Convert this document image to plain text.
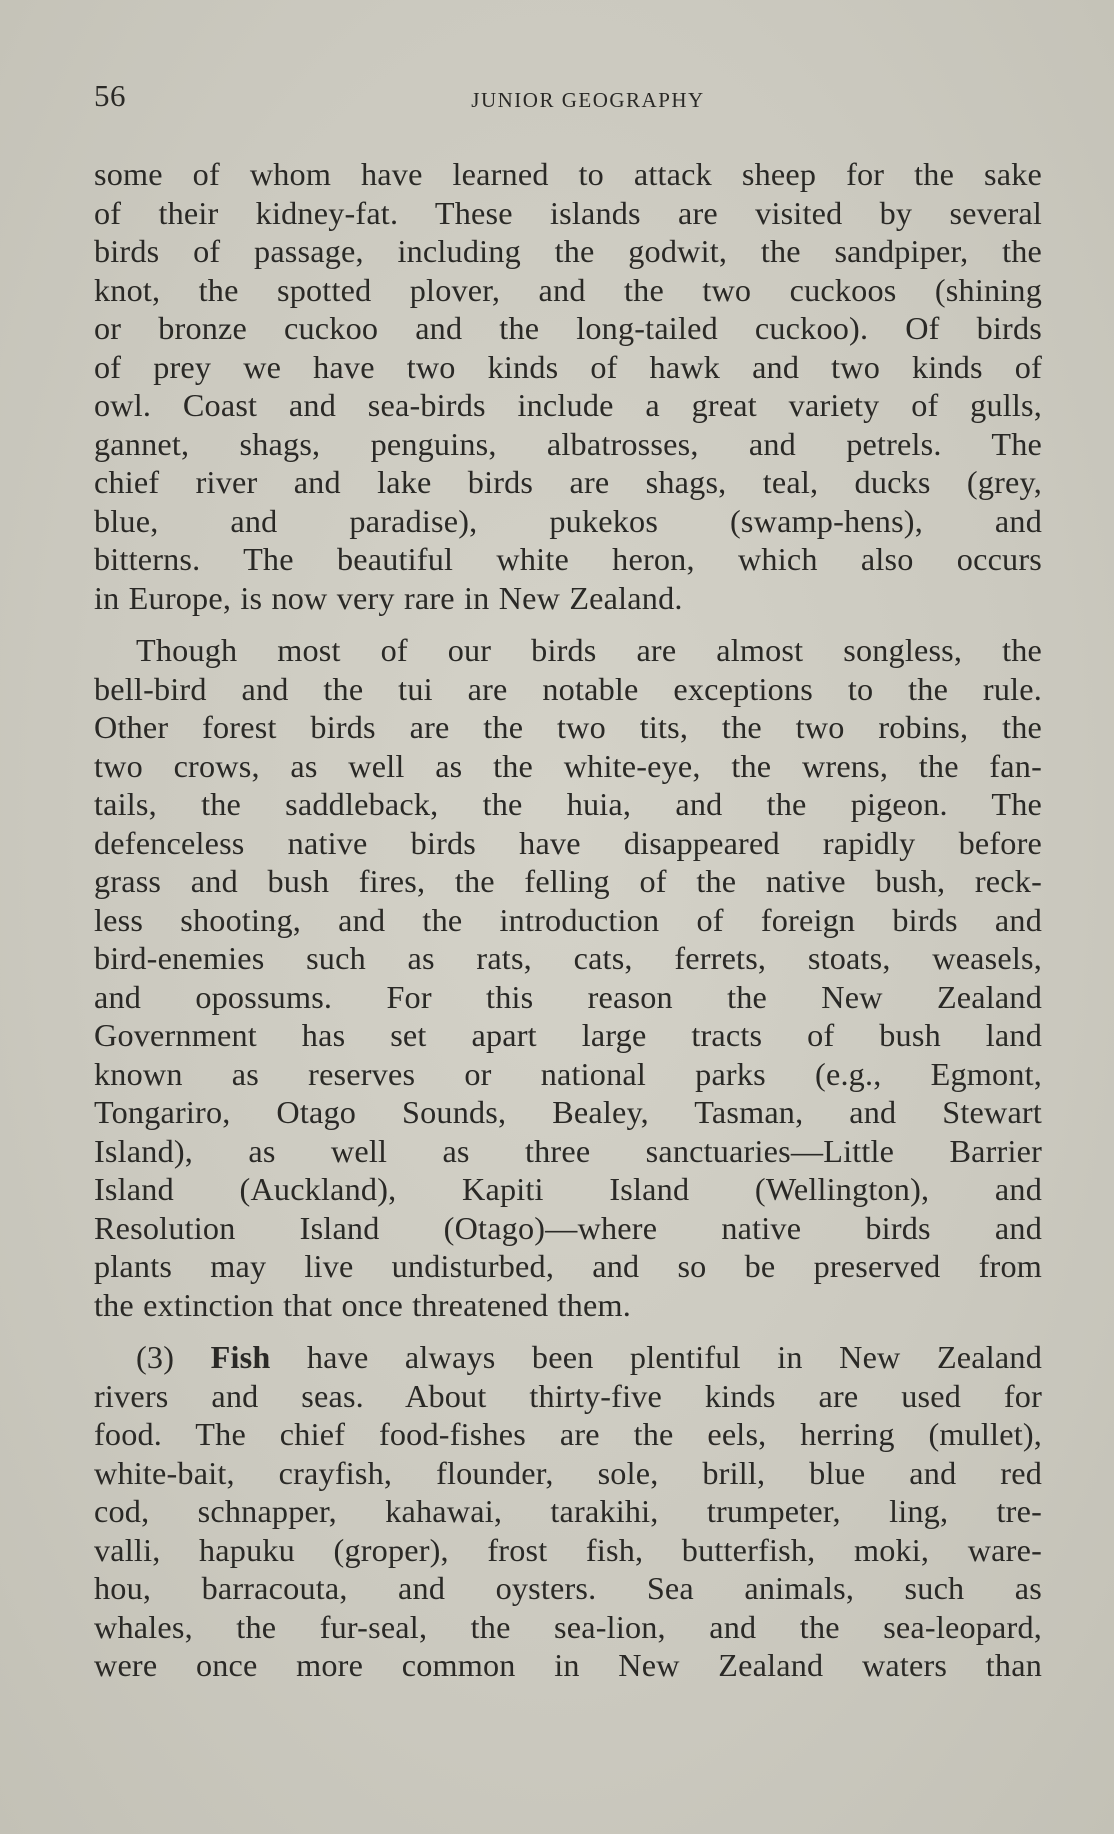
56	JUNIOR GEOGRAPHY

some of whom have learned to attack sheep for the sake
of their kidney-fat. These islands are visited by several
birds of passage, including the godwit, the sandpiper, the
knot, the spotted plover, and the two cuckoos (shining
or bronze cuckoo and the long-tailed cuckoo). Of birds
of prey we have two kinds of hawk and two kinds of
owl. Coast and sea-birds include a great variety of gulls,
gannet, shags, penguins, albatrosses, and petrels. The
chief river and lake birds are shags, teal, ducks (grey,
blue, and paradise), pukekos (swamp-hens), and
bitterns. The beautiful white heron, which also occurs
in Europe, is now very rare in New Zealand.

Though most of our birds are almost songless, the
bell-bird and the tui are notable exceptions to the rule.
Other forest birds are the two tits, the two robins, the
two crows, as well as the white-eye, the wrens, the fan-
tails, the saddleback, the huia, and the pigeon. The
defenceless native birds have disappeared rapidly before
grass and bush fires, the felling of the native bush, reck-
less shooting, and the introduction of foreign birds and
bird-enemies such as rats, cats, ferrets, stoats, weasels,
and opossums. For this reason the New Zealand
Government has set apart large tracts of bush land
known as reserves or national parks (e.g., Egmont,
Tongariro, Otago Sounds, Bealey, Tasman, and Stewart
Island), as well as three sanctuaries—Little Barrier
Island (Auckland), Kapiti Island (Wellington), and
Resolution Island (Otago)—where native birds and
plants may live undisturbed, and so be preserved from
the extinction that once threatened them.

(3) Fish have always been plentiful in New Zealand
rivers and seas. About thirty-five kinds are used for
food. The chief food-fishes are the eels, herring (mullet),
white-bait, crayfish, flounder, sole, brill, blue and red
cod, schnapper, kahawai, tarakihi, trumpeter, ling, tre-
valli, hapuku (groper), frost fish, butterfish, moki, ware-
hou, barracouta, and oysters. Sea animals, such as
whales, the fur-seal, the sea-lion, and the sea-leopard,
were once more common in New Zealand waters than
